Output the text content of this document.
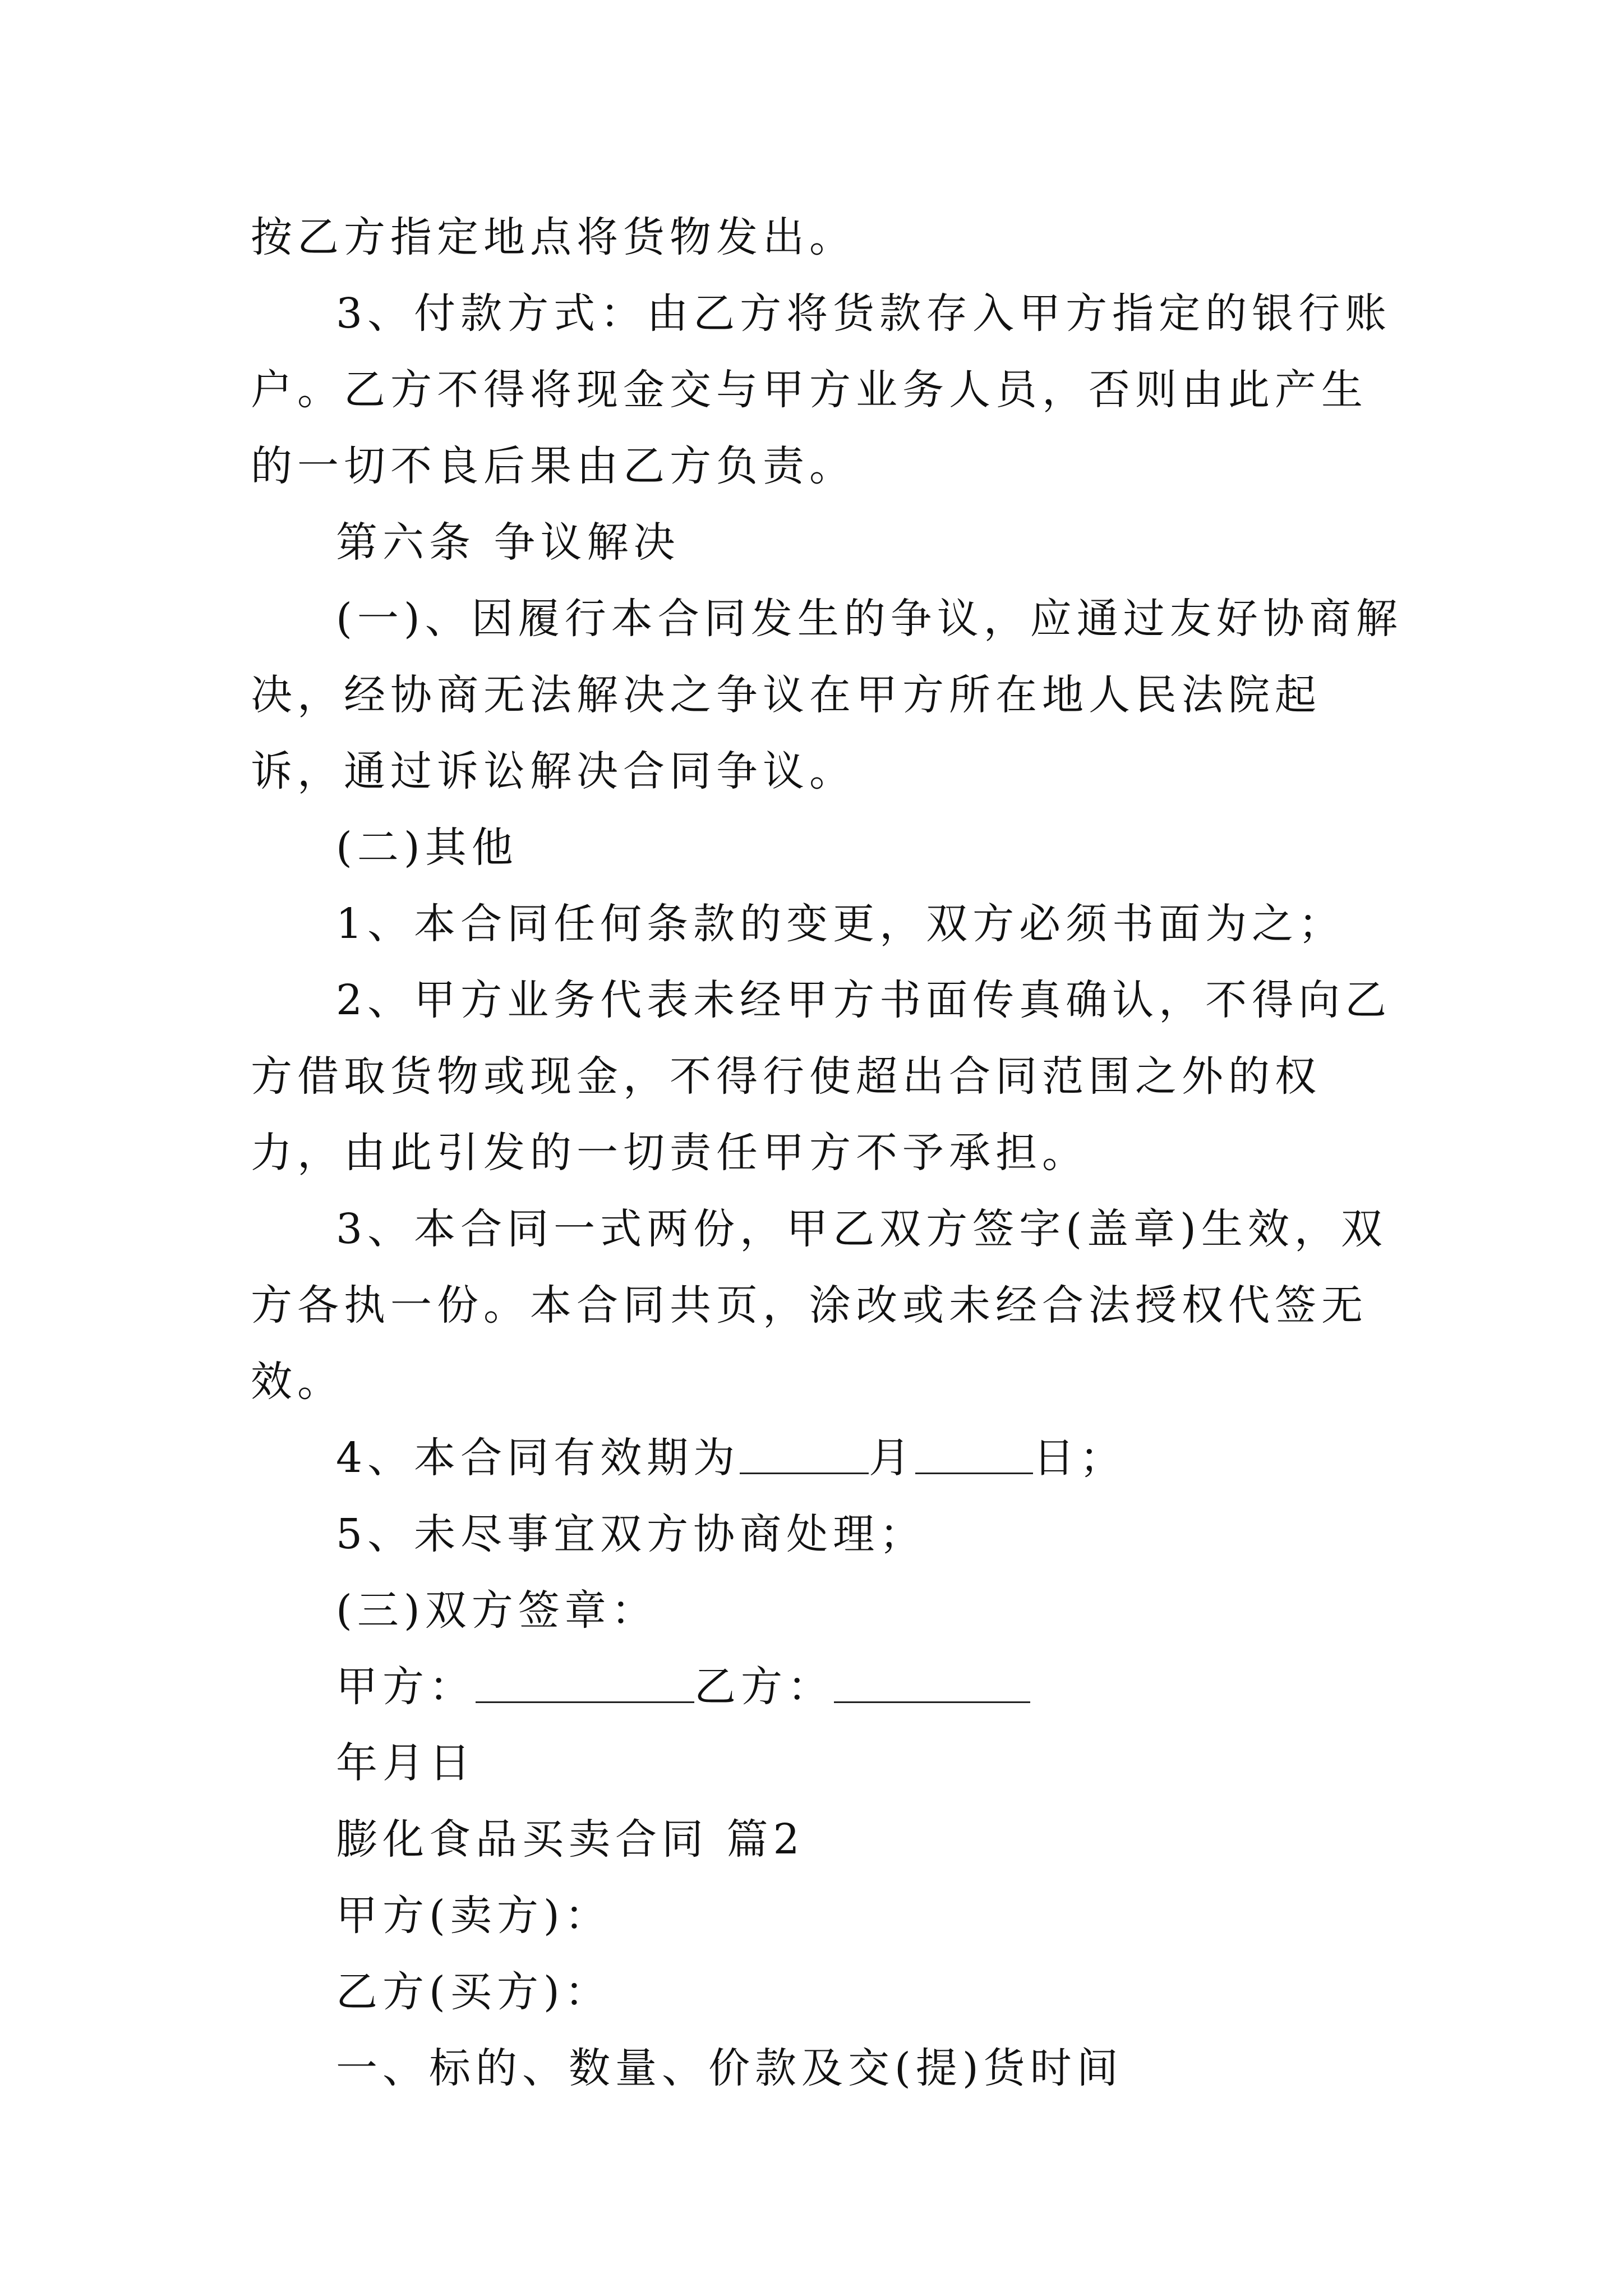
按乙方指定地点将货物发出。

3、付款方式：由乙方将货款存入甲方指定的银行账户。乙方不得将现金交与甲方业务人员，否则由此产生的一切不良后果由乙方负责。

第六条 争议解决

(一)、因履行本合同发生的争议，应通过友好协商解决，经协商无法解决之争议在甲方所在地人民法院起诉，通过诉讼解决合同争议。

(二)其他

1、本合同任何条款的变更，双方必须书面为之；

2、甲方业务代表未经甲方书面传真确认，不得向乙方借取货物或现金，不得行使超出合同范围之外的权力，由此引发的一切责任甲方不予承担。

3、本合同一式两份，甲乙双方签字(盖章)生效，双方各执一份。本合同共页，涂改或未经合法授权代签无效。

4、本合同有效期为	月	日；

5、未尽事宜双方协商处理；

(三)双方签章：

甲方：	乙方：

年月日

膨化食品买卖合同 篇2

甲方(卖方)：

乙方(买方)：

一、标的、数量、价款及交(提)货时间
